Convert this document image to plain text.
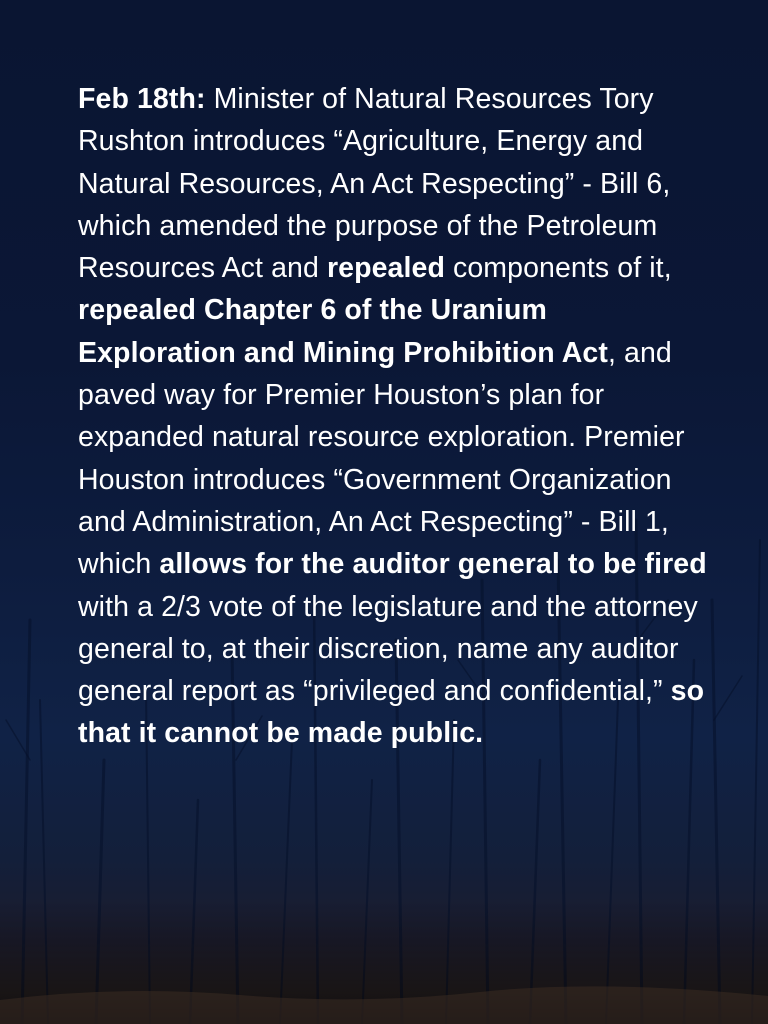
Feb 18th: Minister of Natural Resources Tory Rushton introduces “Agriculture, Energy and Natural Resources, An Act Respecting” - Bill 6, which amended the purpose of the Petroleum Resources Act and repealed components of it, repealed Chapter 6 of the Uranium Exploration and Mining Prohibition Act, and paved way for Premier Houston’s plan for expanded natural resource exploration. Premier Houston introduces “Government Organization and Administration, An Act Respecting” - Bill 1, which allows for the auditor general to be fired with a 2/3 vote of the legislature and the attorney general to, at their discretion, name any auditor general report as “privileged and confidential,” so that it cannot be made public.
